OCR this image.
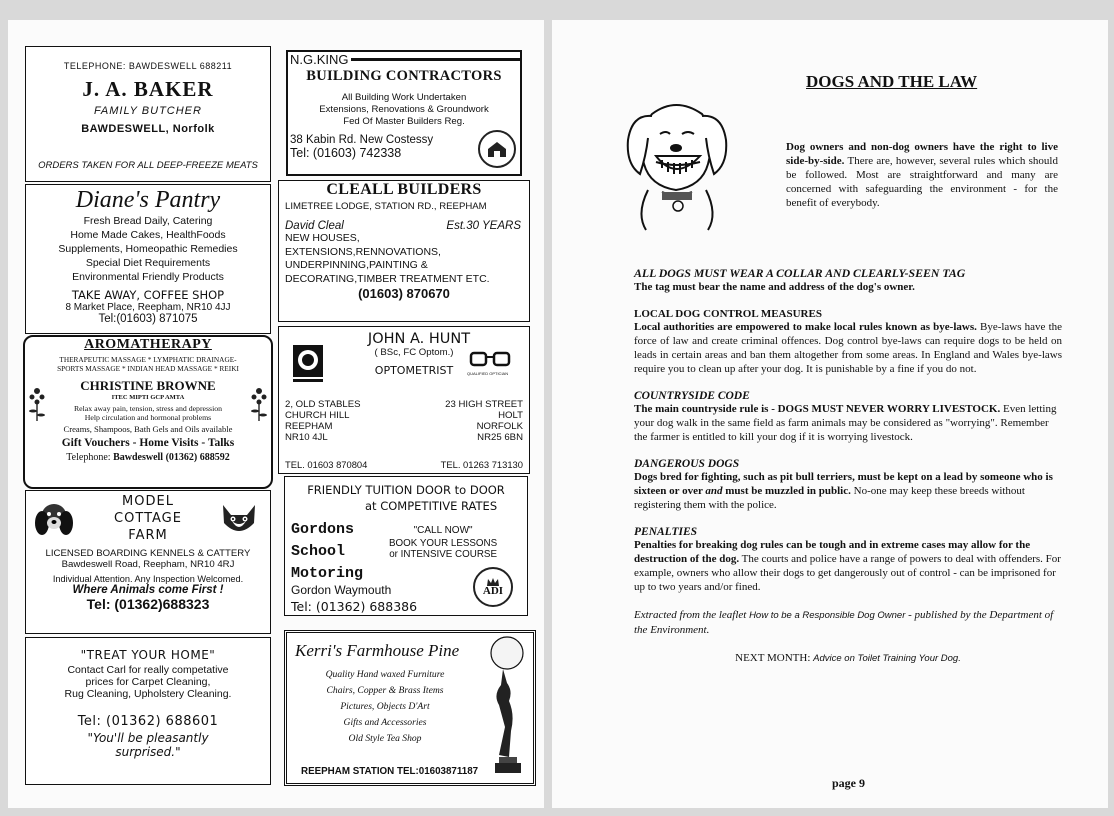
TELEPHONE: BAWDESWELL 688211
J. A. BAKER
FAMILY BUTCHER
BAWDESWELL, Norfolk
ORDERS TAKEN FOR ALL DEEP-FREEZE MEATS
Diane's Pantry
Fresh Bread Daily, Catering
Home Made Cakes, HealthFoods
Supplements, Homeopathic Remedies
Special Diet Requirements
Environmental Friendly Products
TAKE AWAY, COFFEE SHOP
8 Market Place, Reepham, NR10 4JJ
Tel:(01603) 871075
AROMATHERAPY
THERAPEUTIC MASSAGE * LYMPHATIC DRAINAGE-
SPORTS MASSAGE * INDIAN HEAD MASSAGE * REIKI
CHRISTINE BROWNE
ITEC MIPTI GCP AMTA
Relax away pain, tension, stress and depression
Help circulation and hormonal problems
Creams, Shampoos, Bath Gels and Oils available
Gift Vouchers - Home Visits - Talks
Telephone: Bawdeswell (01362) 688592
MODEL
COTTAGE
FARM
LICENSED BOARDING KENNELS & CATTERY
Bawdeswell Road, Reepham, NR10 4RJ
Individual Attention. Any Inspection Welcomed.
Where Animals come First !
Tel: (01362)688323
"TREAT YOUR HOME"
Contact Carl for really competative
prices for Carpet Cleaning,
Rug Cleaning, Upholstery Cleaning.
Tel: (01362) 688601
"You'll be pleasantly
surprised."
N.G.KING
BUILDING CONTRACTORS
All Building Work Undertaken
Extensions, Renovations & Groundwork
Fed Of Master Builders Reg.
38 Kabin Rd. New Costessy
Tel: (01603) 742338
CLEALL BUILDERS
LIMETREE LODGE, STATION RD., REEPHAM
David Cleal	Est.30 YEARS
NEW HOUSES,
EXTENSIONS,RENNOVATIONS,
UNDERPINNING,PAINTING &
DECORATING,TIMBER TREATMENT ETC.
(01603) 870670
JOHN A. HUNT
( BSc, FC Optom.)
OPTOMETRIST	QUALIFIED OPTICIAN
2, OLD STABLES
CHURCH HILL
REEPHAM
NR10 4JL
23 HIGH STREET
HOLT
NORFOLK
NR25 6BN
TEL. 01603 870804	TEL. 01263 713130
FRIENDLY TUITION DOOR to DOOR
at COMPETITIVE RATES
Gordons
School
Motoring
"CALL NOW"
BOOK YOUR LESSONS
or INTENSIVE COURSE
Gordon Waymouth
Tel: (01362) 688386
ADI
Kerri's Farmhouse Pine
Quality Hand waxed Furniture
Chairs, Copper & Brass Items
Pictures, Objects D'Art
Gifts and Accessories
Old Style Tea Shop
REEPHAM STATION TEL:01603871187
DOGS AND THE LAW
Dog owners and non-dog owners have the right to live side-by-side. There are, however, several rules which should be followed. Most are straightforward and many are concerned with safeguarding the environment - for the benefit of everybody.
ALL DOGS MUST WEAR A COLLAR AND CLEARLY-SEEN TAG
The tag must bear the name and address of the dog's owner.
LOCAL DOG CONTROL MEASURES
Local authorities are empowered to make local rules known as bye-laws. Bye-laws have the force of law and create criminal offences. Dog control bye-laws can require dogs to be held on leads in certain areas and ban them altogether from some areas. In England and Wales bye-laws require you to clean up after your dog. It is punishable by a fine if you do not.
COUNTRYSIDE CODE
The main countryside rule is - DOGS MUST NEVER WORRY LIVESTOCK. Even letting your dog walk in the same field as farm animals may be considered as "worrying". Remember the farmer is entitled to kill your dog if it is worrying livestock.
DANGEROUS DOGS
Dogs bred for fighting, such as pit bull terriers, must be kept on a lead by someone who is sixteen or over and must be muzzled in public. No-one may keep these breeds without registering them with the police.
PENALTIES
Penalties for breaking dog rules can be tough and in extreme cases may allow for the destruction of the dog. The courts and police have a range of powers to deal with offenders. For example, owners who allow their dogs to get dangerously out of control - can be imprisoned for up to two years and/or fined.
Extracted from the leaflet How to be a Responsible Dog Owner - published by the Department of the Environment.
NEXT MONTH: Advice on Toilet Training Your Dog.
page 9
